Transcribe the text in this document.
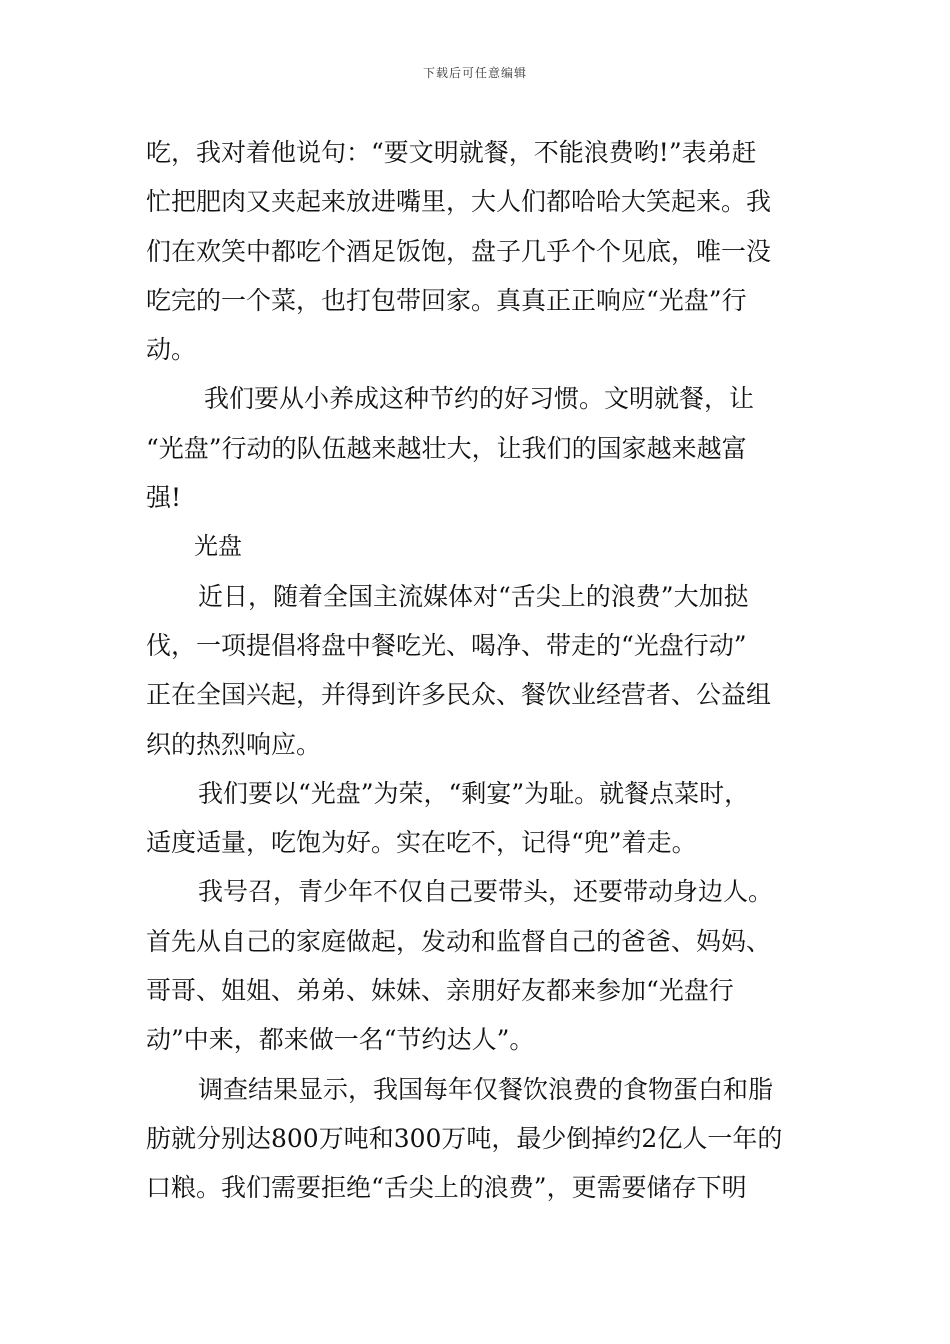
下载后可任意编辑
吃，我对着他说句：“要文明就餐，不能浪费哟!”表弟赶
忙把肥肉又夹起来放进嘴里，大人们都哈哈大笑起来。我
们在欢笑中都吃个酒足饭饱，盘子几乎个个见底，唯一没
吃完的一个菜，也打包带回家。真真正正响应“光盘”行
动。
我们要从小养成这种节约的好习惯。文明就餐，让
“光盘”行动的队伍越来越壮大，让我们的国家越来越富
强!
光盘
近日，随着全国主流媒体对“舌尖上的浪费”大加挞
伐，一项提倡将盘中餐吃光、喝净、带走的“光盘行动”
正在全国兴起，并得到许多民众、餐饮业经营者、公益组
织的热烈响应。
我们要以“光盘”为荣，“剩宴”为耻。就餐点菜时，
适度适量，吃饱为好。实在吃不，记得“兜”着走。
我号召，青少年不仅自己要带头，还要带动身边人。
首先从自己的家庭做起，发动和监督自己的爸爸、妈妈、
哥哥、姐姐、弟弟、妹妹、亲朋好友都来参加“光盘行
动”中来，都来做一名“节约达人”。
调查结果显示，我国每年仅餐饮浪费的食物蛋白和脂
肪就分别达800万吨和300万吨，最少倒掉约2亿人一年的
口粮。我们需要拒绝“舌尖上的浪费”，更需要储存下明
